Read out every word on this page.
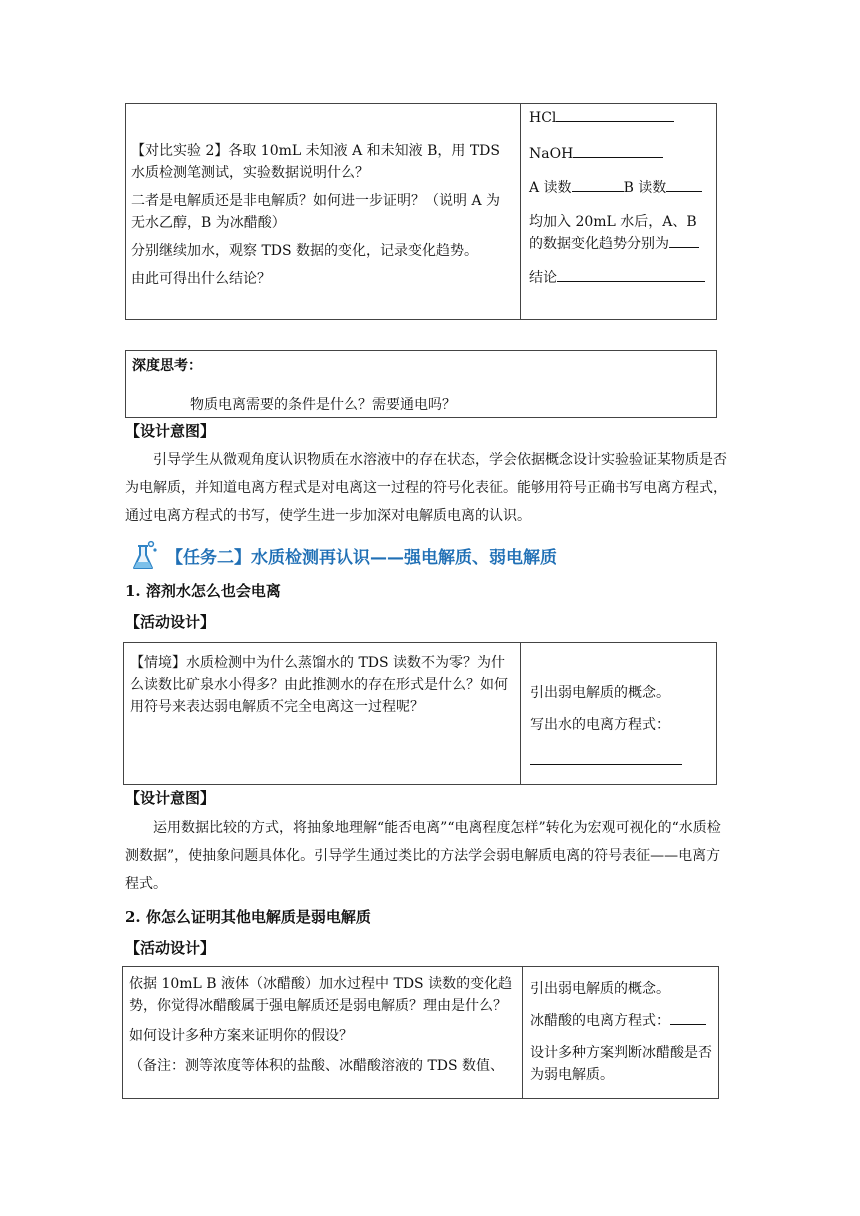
【对比实验 2】各取 10mL 未知液 A 和未知液 B，用 TDS 水质检测笔测试，实验数据说明什么？

二者是电解质还是非电解质？如何进一步证明？（说明 A 为无水乙醇，B 为冰醋酸）

分别继续加水，观察 TDS 数据的变化，记录变化趋势。

由此可得出什么结论？

HCl
NaOH
A 读数	B 读数
均加入 20mL 水后，A、B
的数据变化趋势分别为
结论
深度思考：
物质电离需要的条件是什么？需要通电吗？
【设计意图】
引导学生从微观角度认识物质在水溶液中的存在状态，学会依据概念设计实验验证某物质是否为电解质，并知道电离方程式是对电离这一过程的符号化表征。能够用符号正确书写电离方程式，通过电离方程式的书写，使学生进一步加深对电解质电离的认识。
【任务二】水质检测再认识——强电解质、弱电解质
1. 溶剂水怎么也会电离
【活动设计】
【情境】水质检测中为什么蒸馏水的 TDS 读数不为零？为什么读数比矿泉水小得多？由此推测水的存在形式是什么？如何用符号来表达弱电解质不完全电离这一过程呢？
引出弱电解质的概念。
写出水的电离方程式：
【设计意图】
运用数据比较的方式，将抽象地理解“能否电离”“电离程度怎样”转化为宏观可视化的“水质检测数据”，使抽象问题具体化。引导学生通过类比的方法学会弱电解质电离的符号表征——电离方程式。
2. 你怎么证明其他电解质是弱电解质
【活动设计】

依据 10mL B 液体（冰醋酸）加水过程中 TDS 读数的变化趋势，你觉得冰醋酸属于强电解质还是弱电解质？理由是什么？

如何设计多种方案来证明你的假设？

（备注：测等浓度等体积的盐酸、冰醋酸溶液的 TDS 数值、

引出弱电解质的概念。

冰醋酸的电离方程式：

设计多种方案判断冰醋酸是否为弱电解质。
